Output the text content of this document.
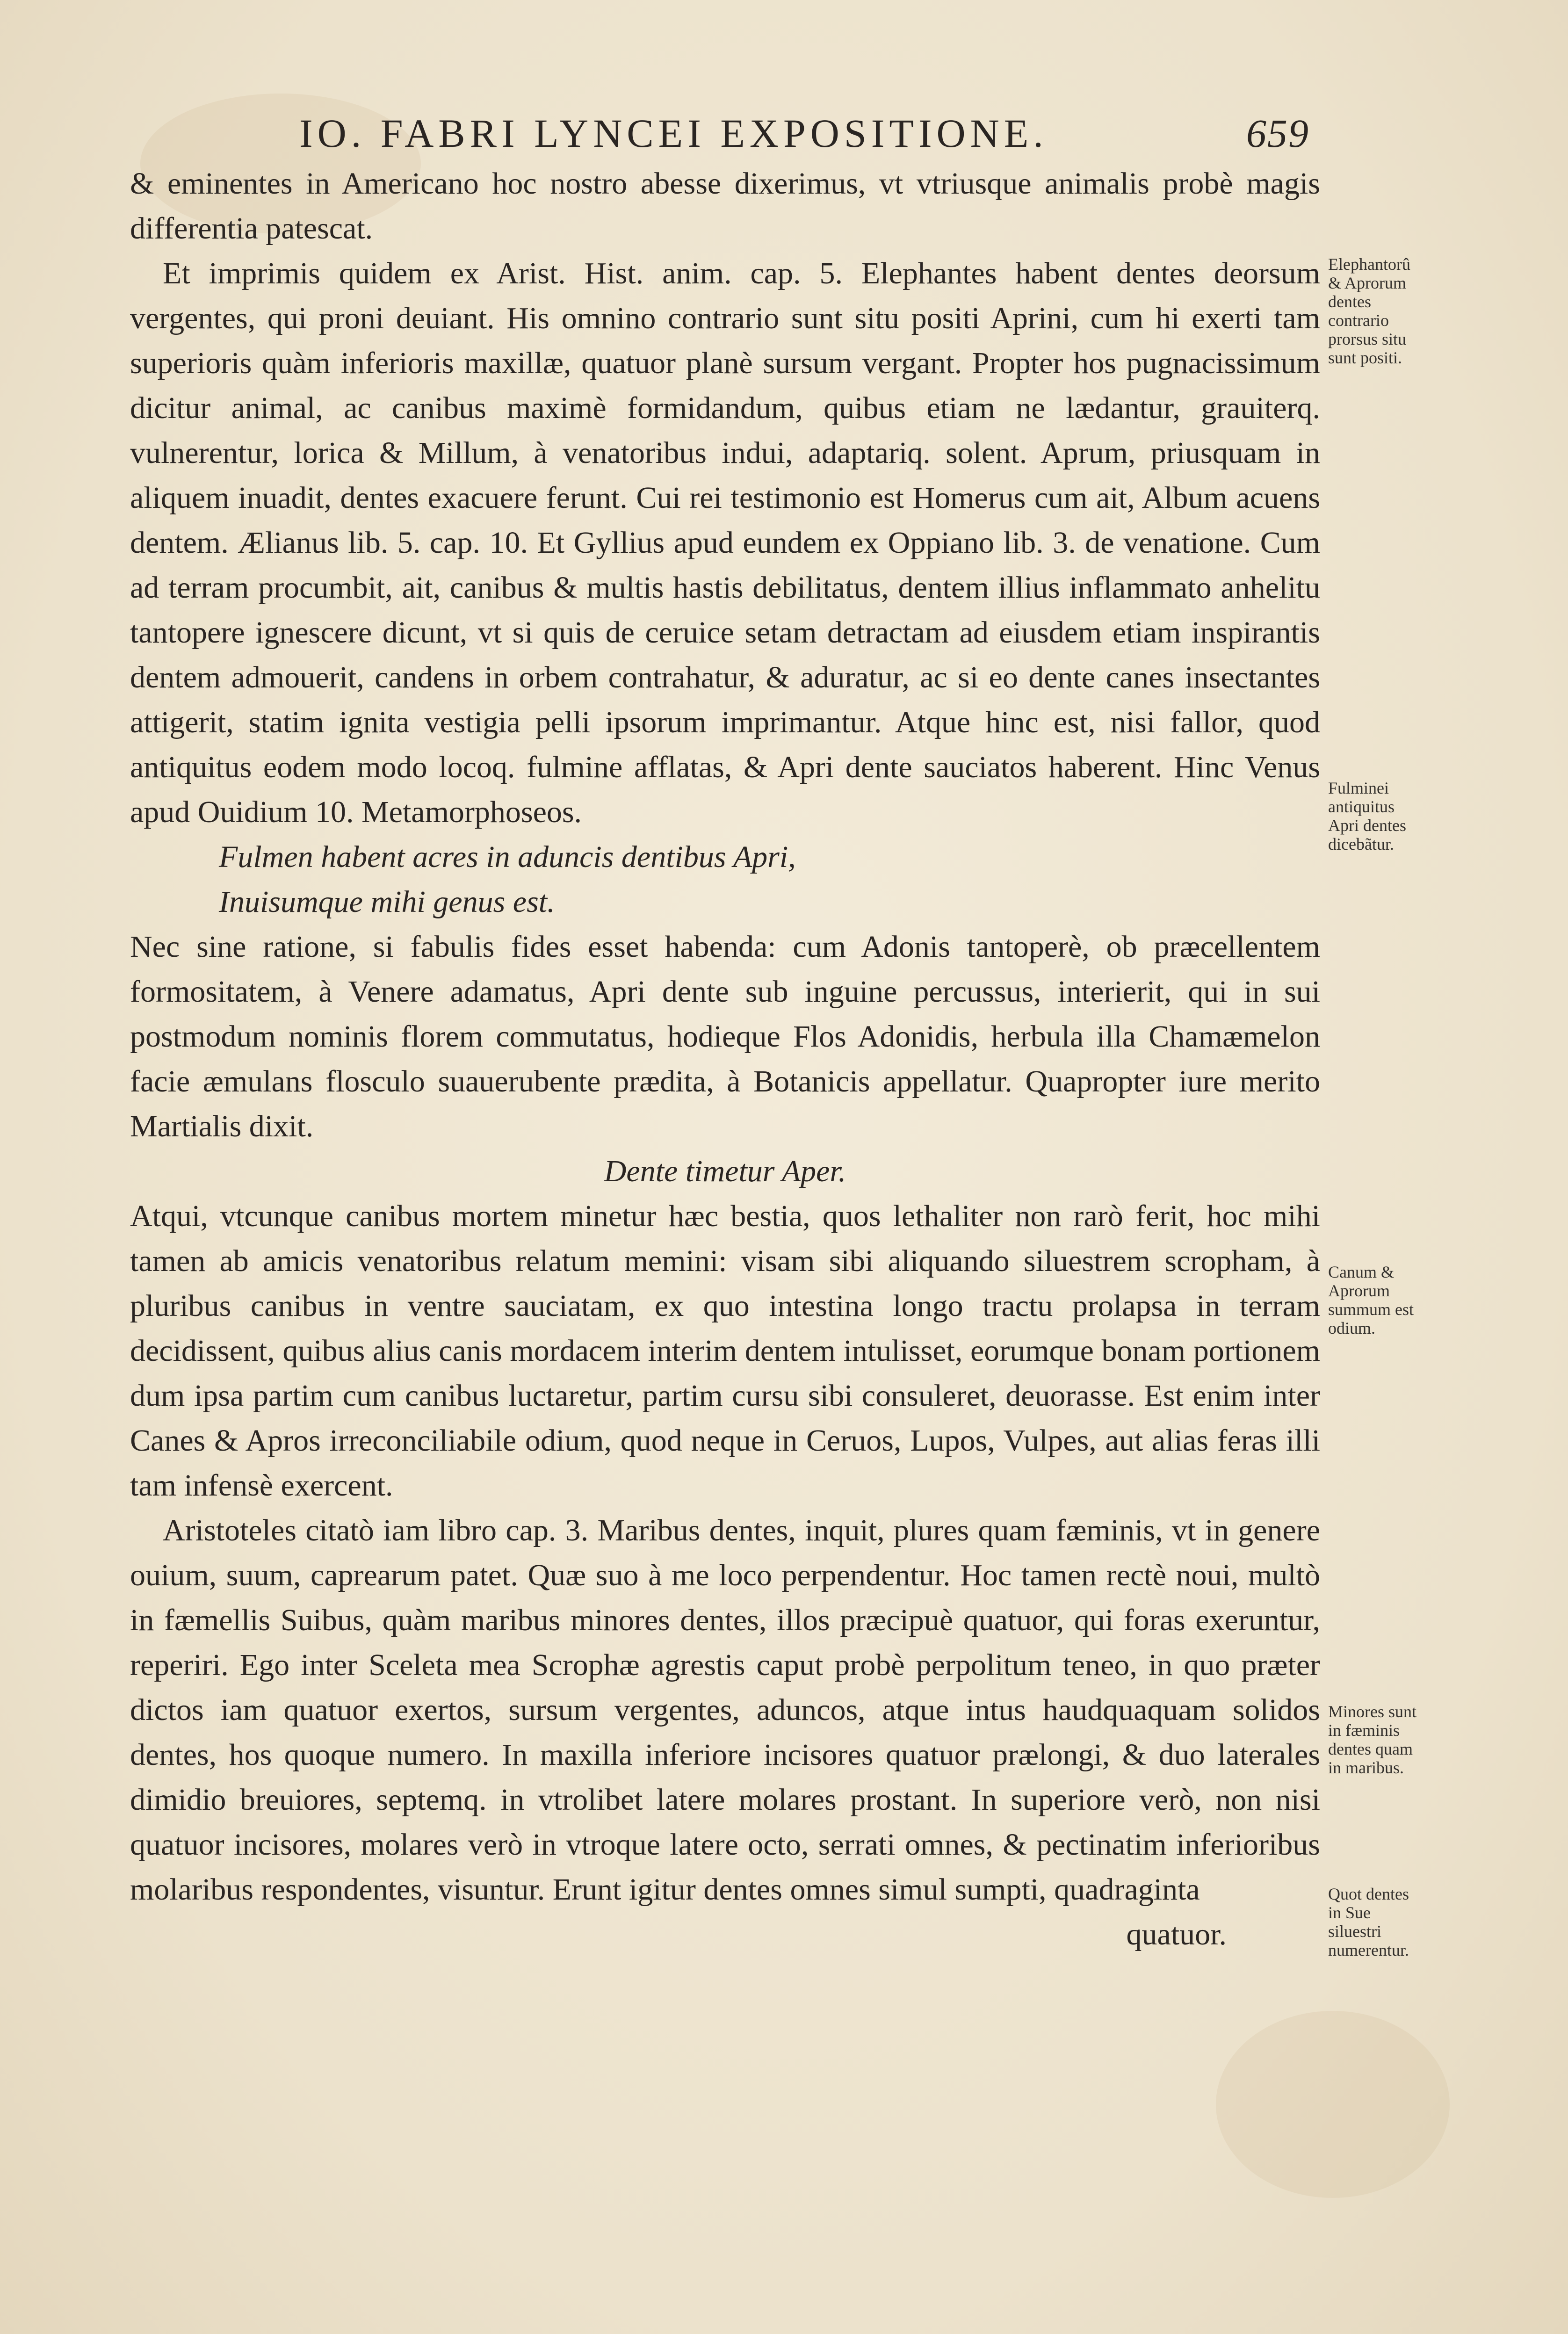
IO. FABRI LYNCEI EXPOSITIONE.	659

& eminentes in Americano hoc nostro abesse dixerimus, vt vtriusque animalis probè magis differentia patescat.

Et imprimis quidem ex Arist. Hist. anim. cap. 5. Elephantes habent dentes deorsum vergentes, qui proni deuiant. His omnino contrario sunt situ positi Aprini, cum hi exerti tam superioris quàm inferioris maxillæ, quatuor planè sursum vergant. Propter hos pugnacissimum dicitur animal, ac canibus maximè formidandum, quibus etiam ne lædantur, grauiterq. vulnerentur, lorica & Millum, à venatoribus indui, adaptariq. solent. Aprum, priusquam in aliquem inuadit, dentes exacuere ferunt. Cui rei testimonio est Homerus cum ait, Album acuens dentem. Ælianus lib. 5. cap. 10. Et Gyllius apud eundem ex Oppiano lib. 3. de venatione. Cum ad terram procumbit, ait, canibus & multis hastis debilitatus, dentem illius inflammato anhelitu tantopere ignescere dicunt, vt si quis de ceruice setam detractam ad eiusdem etiam inspirantis dentem admouerit, candens in orbem contrahatur, & aduratur, ac si eo dente canes insectantes attigerit, statim ignita vestigia pelli ipsorum imprimantur. Atque hinc est, nisi fallor, quod antiquitus eodem modo locoq. fulmine afflatas, & Apri dente sauciatos haberent. Hinc Venus apud Ouidium 10. Metamorphoseos.

Fulmen habent acres in aduncis dentibus Apri,

Inuisumque mihi genus est.

Nec sine ratione, si fabulis fides esset habenda: cum Adonis tantoperè, ob præcellentem formositatem, à Venere adamatus, Apri dente sub inguine percussus, interierit, qui in sui postmodum nominis florem commutatus, hodieque Flos Adonidis, herbula illa Chamæmelon facie æmulans flosculo suauerubente prædita, à Botanicis appellatur. Quapropter iure merito Martialis dixit.

Dente timetur Aper.

Atqui, vtcunque canibus mortem minetur hæc bestia, quos lethaliter non rarò ferit, hoc mihi tamen ab amicis venatoribus relatum memini: visam sibi aliquando siluestrem scropham, à pluribus canibus in ventre sauciatam, ex quo intestina longo tractu prolapsa in terram decidissent, quibus alius canis mordacem interim dentem intulisset, eorumque bonam portionem dum ipsa partim cum canibus luctaretur, partim cursu sibi consuleret, deuorasse. Est enim inter Canes & Apros irreconciliabile odium, quod neque in Ceruos, Lupos, Vulpes, aut alias feras illi tam infensè exercent.

Aristoteles citatò iam libro cap. 3. Maribus dentes, inquit, plures quam fæminis, vt in genere ouium, suum, caprearum patet. Quæ suo à me loco perpendentur. Hoc tamen rectè noui, multò in fæmellis Suibus, quàm maribus minores dentes, illos præcipuè quatuor, qui foras exeruntur, reperiri. Ego inter Sceleta mea Scrophæ agrestis caput probè perpolitum teneo, in quo præter dictos iam quatuor exertos, sursum vergentes, aduncos, atque intus haudquaquam solidos dentes, hos quoque numero. In maxilla inferiore incisores quatuor prælongi, & duo laterales dimidio breuiores, septemq. in vtrolibet latere molares prostant. In superiore verò, non nisi quatuor incisores, molares verò in vtroque latere octo, serrati omnes, & pectinatim inferioribus molaribus respondentes, visuntur. Erunt igitur dentes omnes simul sumpti, quadraginta

quatuor.

Elephantorû & Aprorum dentes contrario prorsus situ sunt positi.
Fulminei antiquitus Apri dentes dicebãtur.
Canum & Aprorum summum est odium.
Minores sunt in fæminis dentes quam in maribus.
Quot dentes in Sue siluestri numerentur.
